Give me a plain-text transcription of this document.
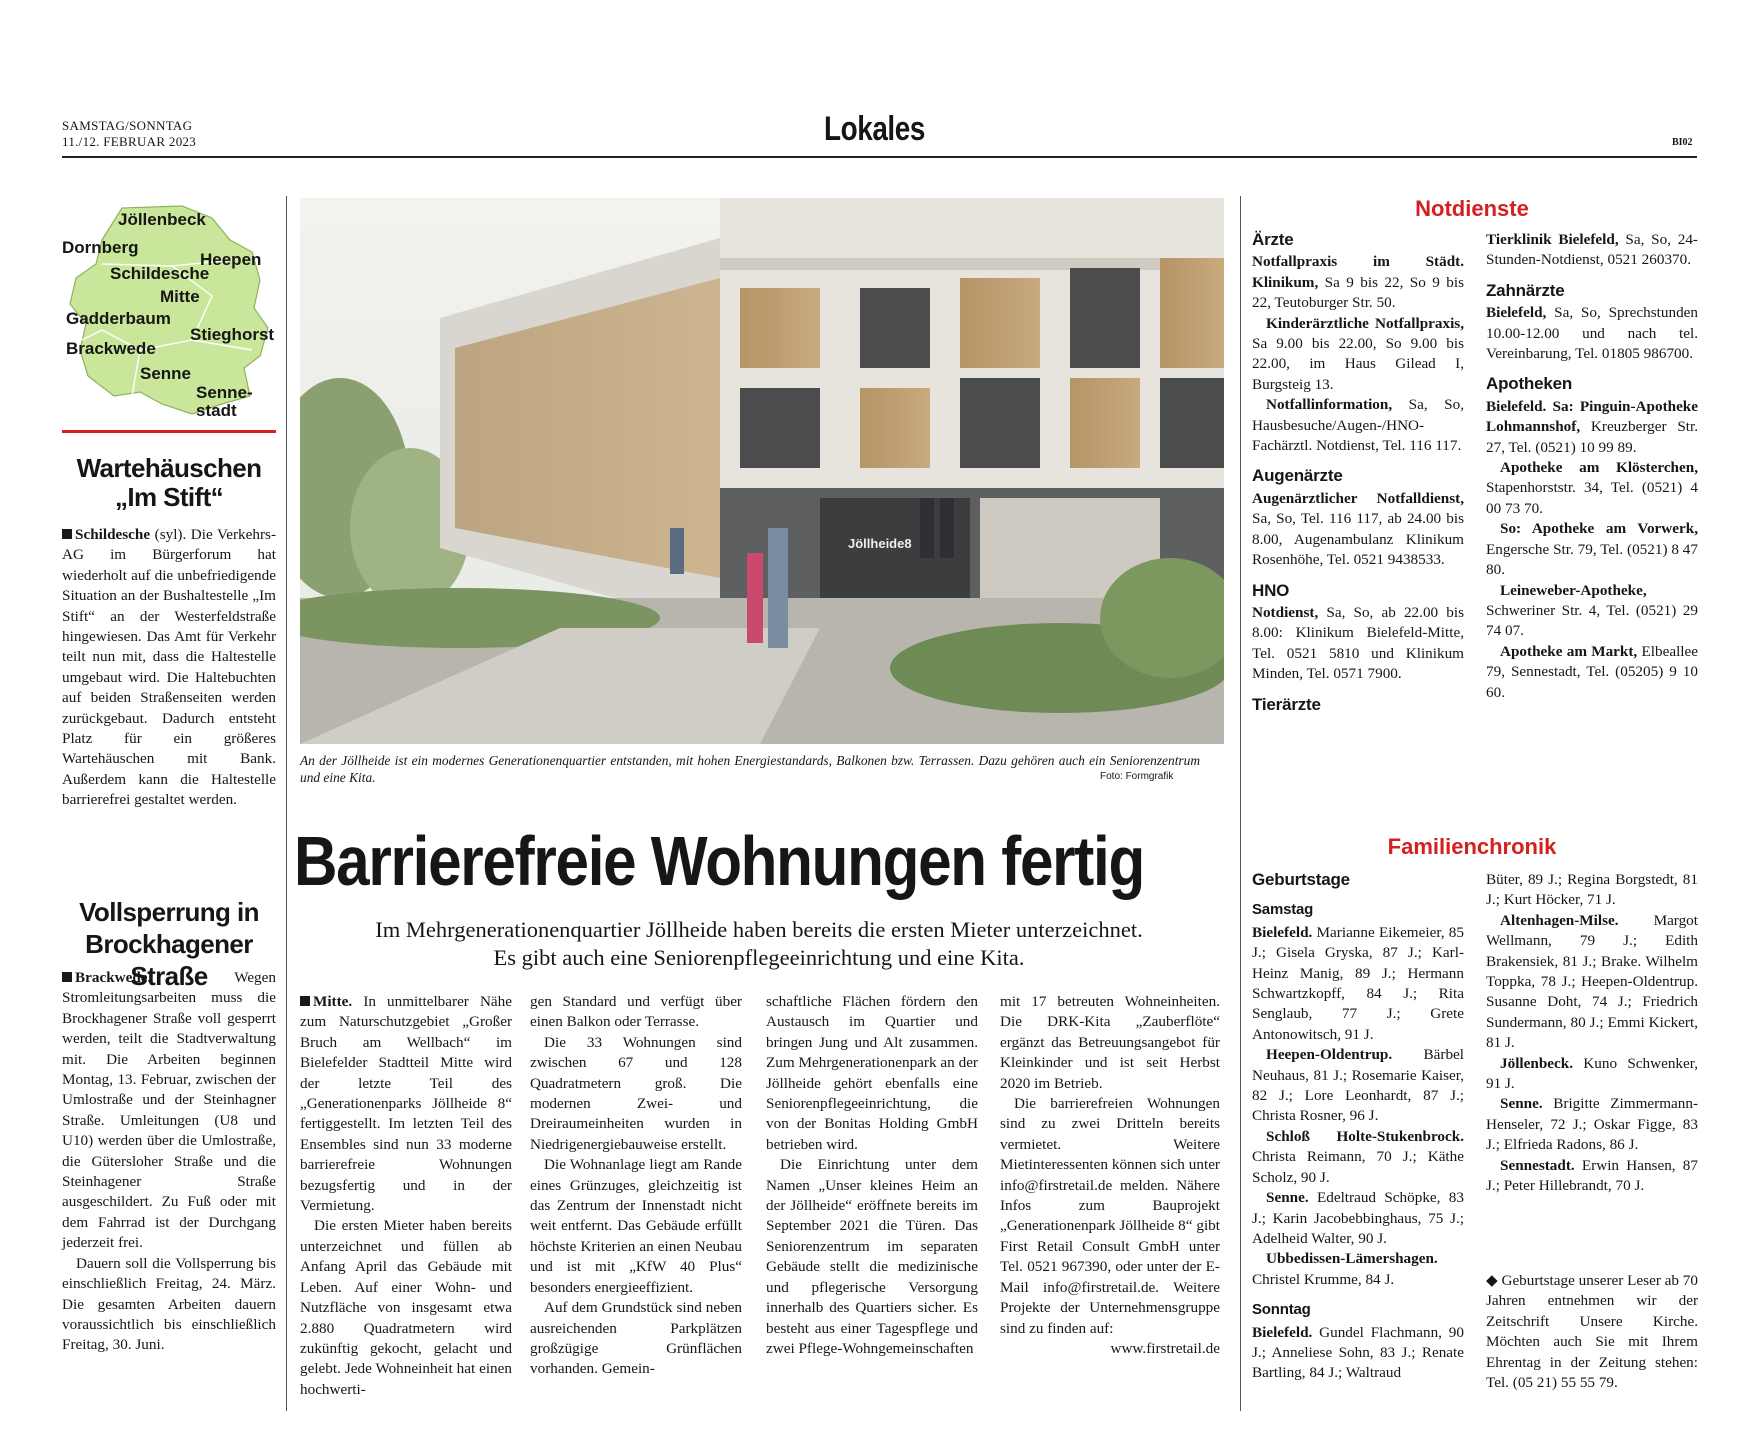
SAMSTAG/SONNTAG
11./12. FEBRUAR 2023	Lokales	BI02
Jöllenbeck
Dornberg
Heepen
Schildesche
Mitte
Gadderbaum
Stieghorst
Brackwede
Senne
Senne-
stadt
Wartehäuschen
„Im Stift“

Schildesche (syl). Die Verkehrs-AG im Bürgerforum hat wiederholt auf die unbefriedigende Situation an der Bushaltestelle „Im Stift“ an der Westerfeldstraße hingewiesen. Das Amt für Verkehr teilt nun mit, dass die Haltestelle umgebaut wird. Die Haltebuchten auf beiden Straßenseiten werden zurückgebaut. Dadurch entsteht Platz für ein größeres Wartehäuschen mit Bank. Außerdem kann die Haltestelle barrierefrei gestaltet werden.

Vollsperrung in
Brockhagener Straße

Brackwede.	Wegen Stromleitungsarbeiten muss die Brockhagener Straße voll gesperrt werden, teilt die Stadtverwaltung mit. Die Arbeiten beginnen Montag, 13. Februar, zwischen der Umlostraße und der Steinhagner Straße. Umleitungen (U8 und U10) werden über die Umlostraße, die Gütersloher Straße und die Steinhagener Straße ausgeschildert. Zu Fuß oder mit dem Fahrrad ist der Durchgang jederzeit frei.

Dauern soll die Vollsperrung bis einschließlich Freitag, 24. März. Die gesamten Arbeiten dauern voraussichtlich bis einschließlich Freitag, 30. Juni.

Jöllheide8
An der Jöllheide ist ein modernes Generationenquartier entstanden, mit hohen Energiestandards, Balkonen bzw. Terrassen. Dazu gehören auch ein Seniorenzentrum und eine Kita.	Foto: Formgrafik
Barrierefreie Wohnungen fertig
Im Mehrgenerationenquartier Jöllheide haben bereits die ersten Mieter unterzeichnet.
Es gibt auch eine Seniorenpflegeeinrichtung und eine Kita.

Mitte. In unmittelbarer Nähe zum Naturschutzgebiet „Großer Bruch am Wellbach“ im Bielefelder Stadtteil Mitte wird der letzte Teil des „Generationenparks Jöllheide 8“ fertiggestellt. Im letzten Teil des Ensembles sind nun 33 moderne barrierefreie Wohnungen bezugsfertig und in der Vermietung.

Die ersten Mieter haben bereits unterzeichnet und füllen ab Anfang April das Gebäude mit Leben. Auf einer Wohn- und Nutzfläche von insgesamt etwa 2.880 Quadratmetern wird zukünftig gekocht, gelacht und gelebt. Jede Wohneinheit hat einen hochwerti-

gen Standard und verfügt über einen Balkon oder Terrasse.

Die 33 Wohnungen sind zwischen 67 und 128 Quadratmetern groß. Die modernen Zwei- und Dreiraumeinheiten wurden in Niedrigenergiebauweise erstellt.

Die Wohnanlage liegt am Rande eines Grünzuges, gleichzeitig ist das Zentrum der Innenstadt nicht weit entfernt. Das Gebäude erfüllt höchste Kriterien an einen Neubau und ist mit „KfW 40 Plus“ besonders energieeffizient.

Auf dem Grundstück sind neben ausreichenden Parkplätzen großzügige Grünflächen vorhanden. Gemein-

schaftliche Flächen fördern den Austausch im Quartier und bringen Jung und Alt zusammen. Zum Mehrgenerationenpark an der Jöllheide gehört ebenfalls eine Seniorenpflegeeinrichtung, die von der Bonitas Holding GmbH betrieben wird.

Die Einrichtung unter dem Namen „Unser kleines Heim an der Jöllheide“ eröffnete bereits im September 2021 die Türen. Das Seniorenzentrum im separaten Gebäude stellt die medizinische und pflegerische Versorgung innerhalb des Quartiers sicher. Es besteht aus einer Tagespflege und zwei Pflege-Wohngemeinschaften

mit 17 betreuten Wohneinheiten. Die DRK-Kita „Zauberflöte“ ergänzt das Betreuungsangebot für Kleinkinder und ist seit Herbst 2020 im Betrieb.

Die barrierefreien Wohnungen sind zu zwei Dritteln bereits vermietet. Weitere Mietinteressenten können sich unter info@firstretail.de melden. Nähere Infos zum Bauprojekt „Generationenpark Jöllheide 8“ gibt First Retail Consult GmbH unter Tel. 0521 967390, oder unter der E-Mail info@firstretail.de. Weitere Projekte der Unternehmensgruppe sind zu finden auf:

www.firstretail.de

Notdienste
Ärzte

Notfallpraxis im Städt. Klinikum, Sa 9 bis 22, So 9 bis 22, Teutoburger Str. 50.

Kinderärztliche Notfallpraxis, Sa 9.00 bis 22.00, So 9.00 bis 22.00, im Haus Gilead I, Burgsteig 13.

Notfallinformation, Sa, So, Hausbesuche/Augen-/HNO-Fachärztl. Notdienst, Tel. 116 117.

Augenärzte

Augenärztlicher Notfalldienst, Sa, So, Tel. 116 117, ab 24.00 bis 8.00, Augenambulanz Klinikum Rosenhöhe, Tel. 0521 9438533.

HNO

Notdienst, Sa, So, ab 22.00 bis 8.00: Klinikum Bielefeld-Mitte, Tel. 0521 5810 und Klinikum Minden, Tel. 0571 7900.

Tierärzte

Tierklinik Bielefeld, Sa, So, 24-Stunden-Notdienst, 0521 260370.

Zahnärzte

Bielefeld, Sa, So, Sprechstunden 10.00-12.00 und nach tel. Vereinbarung, Tel. 01805 986700.

Apotheken

Bielefeld. Sa: Pinguin-Apotheke Lohmannshof, Kreuzberger Str. 27, Tel. (0521) 10 99 89.

Apotheke am Klösterchen, Stapenhorststr. 34, Tel. (0521) 4 00 73 70.

So: Apotheke am Vorwerk, Engersche Str. 79, Tel. (0521) 8 47 80.

Leineweber-Apotheke, Schweriner Str. 4, Tel. (0521) 29 74 07.

Apotheke am Markt, Elbeallee 79, Sennestadt, Tel. (05205) 9 10 60.

Familienchronik
Geburtstage
Samstag

Bielefeld. Marianne Eikemeier, 85 J.; Gisela Gryska, 87 J.; Karl-Heinz Manig, 89 J.; Hermann Schwartzkopff, 84 J.; Rita Senglaub, 77 J.; Grete Antonowitsch, 91 J.

Heepen-Oldentrup. Bärbel Neuhaus, 81 J.; Rosemarie Kaiser, 82 J.; Lore Leonhardt, 87 J.; Christa Rosner, 96 J.

Schloß Holte-Stukenbrock. Christa Reimann, 70 J.; Käthe Scholz, 90 J.

Senne. Edeltraud Schöpke, 83 J.; Karin Jacobebbinghaus, 75 J.; Adelheid Walter, 90 J.

Ubbedissen-Lämershagen. Christel Krumme, 84 J.

Sonntag

Bielefeld. Gundel Flachmann, 90 J.; Anneliese Sohn, 83 J.; Renate Bartling, 84 J.; Waltraud

Büter, 89 J.; Regina Borgstedt, 81 J.; Kurt Höcker, 71 J.

Altenhagen-Milse. Margot Wellmann, 79 J.; Edith Brakensiek, 81 J.; Brake. Wilhelm Toppka, 78 J.; Heepen-Oldentrup. Susanne Doht, 74 J.; Friedrich Sundermann, 80 J.; Emmi Kickert, 81 J.

Jöllenbeck. Kuno Schwenker, 91 J.

Senne. Brigitte Zimmermann-Henseler, 72 J.; Oskar Figge, 83 J.; Elfrieda Radons, 86 J.

Sennestadt. Erwin Hansen, 87 J.; Peter Hillebrandt, 70 J.

◆ Geburtstage unserer Leser ab 70 Jahren entnehmen wir der Zeitschrift Unsere Kirche. Möchten auch Sie mit Ihrem Ehrentag in der Zeitung stehen: Tel. (05 21) 55 55 79.
